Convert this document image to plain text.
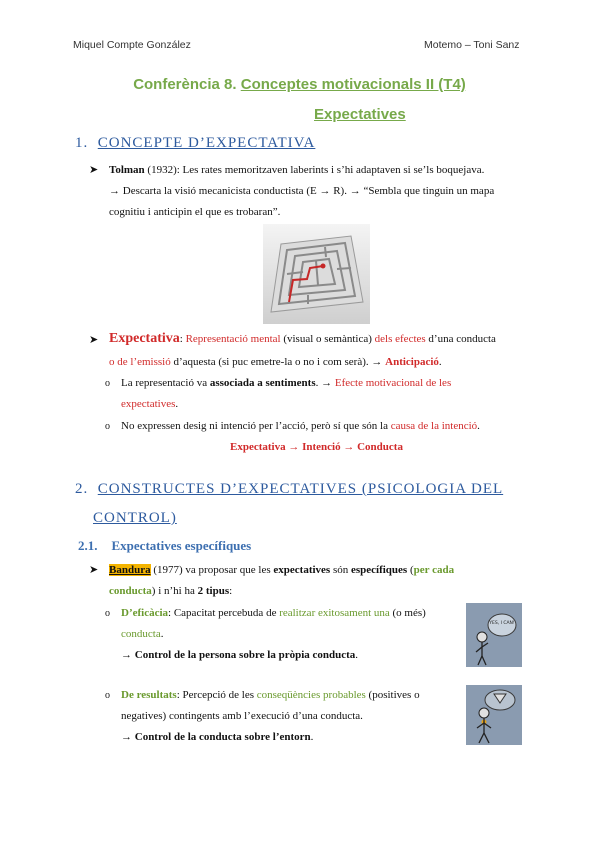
Miquel Compte González	Motemo – Toni Sanz
Conferència 8. Conceptes motivacionals II (T4)
Expectatives
1. CONCEPTE D’EXPECTATIVA
➤ Tolman (1932): Les rates memoritzaven laberints i s’hi adaptaven si se’ls boquejava.
→ Descarta la visió mecanicista conductista (E → R). → “Sembla que tinguin un mapa
cognitiu i anticipin el que es trobaran”.
➤ Expectativa: Representació mental (visual o semàntica) dels efectes d’una conducta
o de l’emissió d’aquesta (si puc emetre-la o no i com serà). → Anticipació.
o La representació va associada a sentiments. → Efecte motivacional de les
expectatives.
o No expressen desig ni intenció per l’acció, però sí que són la causa de la intenció.
Expectativa → Intenció → Conducta
2. CONSTRUCTES D’EXPECTATIVES (PSICOLOGIA DEL
CONTROL)
2.1. Expectatives específiques
➤ Bandura (1977) va proposar que les expectatives són específiques (per cada
conducta) i n’hi ha 2 tipus:
o D’eficàcia: Capacitat percebuda de realitzar exitosament una (o més)
conducta.
→ Control de la persona sobre la pròpia conducta.
YES, I CAN!
o De resultats: Percepció de les conseqüències probables (positives o
negatives) contingents amb l’execució d’una conducta.
→ Control de la conducta sobre l’entorn.
